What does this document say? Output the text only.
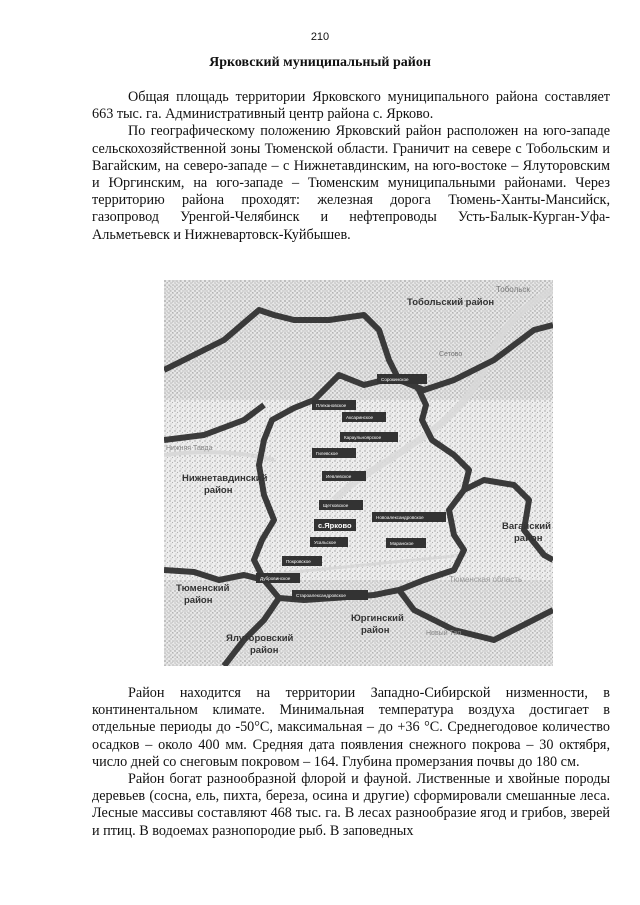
210
Ярковский муниципальный район

Общая площадь территории Ярковского муниципального района составляет 663 тыс. га. Административный центр района с. Ярково.

По географическому положению Ярковский район расположен на юго-западе сельскохозяйственной зоны Тюменской области. Граничит на севере с Тобольским и Вагайским, на северо-западе – с Нижнетавдинским, на юго-востоке – Ялуторовским и Юргинским, на юго-западе – Тюменским муниципальными районами. Через территорию района проходят: железная дорога Тюмень-Ханты-Мансийск, газопровод Уренгой-Челябинск и нефтепроводы Усть-Балык-Курган-Уфа-Альметьевск и Нижневартовск-Куйбышев.

Тобольский район
Нижнетавдинский
район
Вагайский
район
Тюменский
район
Юргинский
район
Ялуторовский
район
Тобольск
Сетово
Нижняя Тавда
Тюменская область
Новый Тап
Сорокинское
Плехановское
Аксаринское
Караульноярское
Гилевское
Иевлевское
Щетковское
Новоалександровское
с.Ярково
Усальское	Маранское
Покровское
Дубровинское
Староалександровское

Район находится на территории Западно-Сибирской низменности, в континентальном климате. Минимальная температура воздуха достигает в отдельные периоды до -50°С, максимальная – до +36 °С. Среднегодовое количество осадков – около 400 мм. Средняя дата появления снежного покрова – 30 октября, число дней со снеговым покровом – 164. Глубина промерзания почвы до 180 см.

Район богат разнообразной флорой и фауной. Лиственные и хвойные породы деревьев (сосна, ель, пихта, береза, осина и другие) сформировали смешанные леса. Лесные массивы составляют 468 тыс. га. В лесах разнообразие ягод и грибов, зверей и птиц. В водоемах разнопородие рыб. В заповедных
